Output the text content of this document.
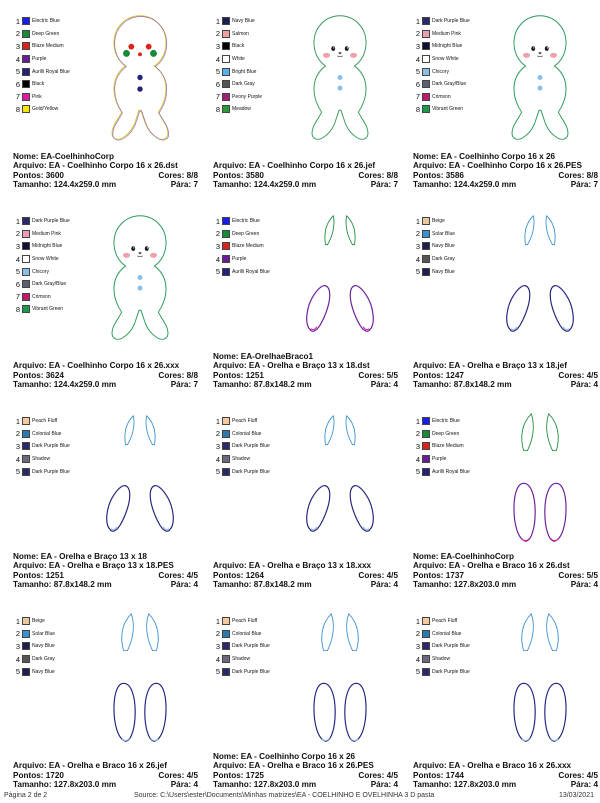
1 Electric Blue
2 Deep Green
3 Blaze Medium
4 Purple
5 Aurilli Royal Blue
6 Black
7 Pink
8 Gold/Yellow
Nome: EA-CoelhinhoCorp
Arquivo: EA - Coelhinho Corpo 16 x 26.dst
Pontos: 3600	Cores: 8/8
Tamanho: 124.4x259.0 mm	Pára: 7
1 Navy Blue
2 Salmon
3 Black
4 White
5 Bright Blue
6 Dark Gray
7 Peony Purple
8 Meadow
Arquivo: EA - Coelhinho Corpo 16 x 26.jef
Pontos: 3580	Cores: 8/8
Tamanho: 124.4x259.0 mm	Pára: 7
1 Dark Purple Blue
2 Medium Pink
3 Midnight Blue
4 Snow White
5 Chicory
6 Dark Gray/Blue
7 Crimson
8 Vibrant Green
Nome: EA - Coelhinho Corpo 16 x 26
Arquivo: EA - Coelhinho Corpo 16 x 26.PES
Pontos: 3586	Cores: 8/8
Tamanho: 124.4x259.0 mm	Pára: 7
1 Dark Purple Blue
2 Medium Pink
3 Midnight Blue
4 Snow White
5 Chicory
6 Dark Gray/Blue
7 Crimson
8 Vibrant Green
Arquivo: EA - Coelhinho Corpo 16 x 26.xxx
Pontos: 3624	Cores: 8/8
Tamanho: 124.4x259.0 mm	Pára: 7
1 Electric Blue
2 Deep Green
3 Blaze Medium
4 Purple
5 Aurilli Royal Blue
Nome: EA-OrelhaeBraco1
Arquivo: EA - Orelha e Braço 13 x 18.dst
Pontos: 1251	Cores: 5/5
Tamanho: 87.8x148.2 mm	Pára: 4
1 Beige
2 Solar Blue
3 Navy Blue
4 Dark Gray
5 Navy Blue
Arquivo: EA - Orelha e Braço 13 x 18.jef
Pontos: 1247	Cores: 4/5
Tamanho: 87.8x148.2 mm	Pára: 4
1 Peach Fluff
2 Colonial Blue
3 Dark Purple Blue
4 Shadow
5 Dark Purple Blue
Nome: EA - Orelha e Braço 13 x 18
Arquivo: EA - Orelha e Braço 13 x 18.PES
Pontos: 1251	Cores: 4/5
Tamanho: 87.8x148.2 mm	Pára: 4
1 Peach Fluff
2 Colonial Blue
3 Dark Purple Blue
4 Shadow
5 Dark Purple Blue
Arquivo: EA - Orelha e Braço 13 x 18.xxx
Pontos: 1264	Cores: 4/5
Tamanho: 87.8x148.2 mm	Pára: 4
1 Electric Blue
2 Deep Green
3 Blaze Medium
4 Purple
5 Aurilli Royal Blue
Nome: EA-CoelhinhoCorp
Arquivo: EA - Orelha e Braco 16 x 26.dst
Pontos: 1737	Cores: 5/5
Tamanho: 127.8x203.0 mm	Pára: 4
1 Beige
2 Solar Blue
3 Navy Blue
4 Dark Gray
5 Navy Blue
Arquivo: EA - Orelha e Braco 16 x 26.jef
Pontos: 1720	Cores: 4/5
Tamanho: 127.8x203.0 mm	Pára: 4
1 Peach Fluff
2 Colonial Blue
3 Dark Purple Blue
4 Shadow
5 Dark Purple Blue
Nome: EA - Coelhinho Corpo 16 x 26
Arquivo: EA - Orelha e Braco 16 x 26.PES
Pontos: 1725	Cores: 4/5
Tamanho: 127.8x203.0 mm	Pára: 4
1 Peach Fluff
2 Colonial Blue
3 Dark Purple Blue
4 Shadow
5 Dark Purple Blue
Arquivo: EA - Orelha e Braco 16 x 26.xxx
Pontos: 1744	Cores: 4/5
Tamanho: 127.8x203.0 mm	Pára: 4
Página 2 de 2	Source: C:\Users\ester\Documents\Minhas matrizes\EA - COELHINHO E OVELHINHA 3 D pasta	13/03/2021
